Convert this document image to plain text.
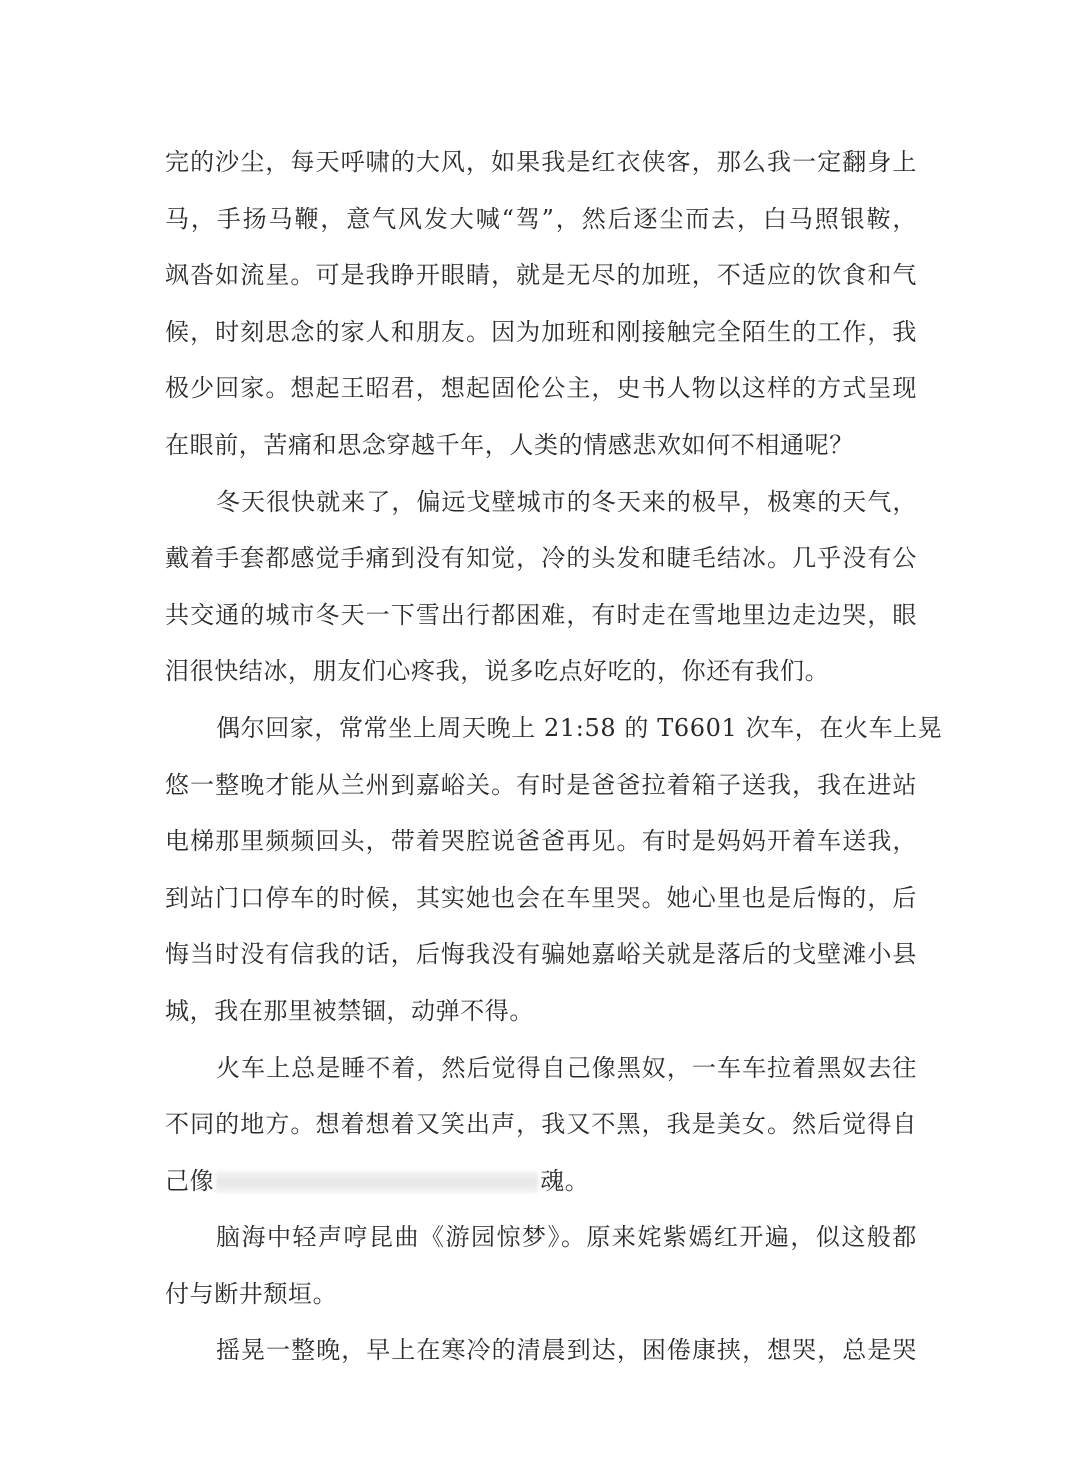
完的沙尘，每天呼啸的大风，如果我是红衣侠客，那么我一定翻身上
马，手扬马鞭，意气风发大喊“驾”，然后逐尘而去，白马照银鞍，
飒沓如流星。可是我睁开眼睛，就是无尽的加班，不适应的饮食和气
候，时刻思念的家人和朋友。因为加班和刚接触完全陌生的工作，我
极少回家。想起王昭君，想起固伦公主，史书人物以这样的方式呈现
在眼前，苦痛和思念穿越千年，人类的情感悲欢如何不相通呢？
冬天很快就来了，偏远戈壁城市的冬天来的极早，极寒的天气，
戴着手套都感觉手痛到没有知觉，冷的头发和睫毛结冰。几乎没有公
共交通的城市冬天一下雪出行都困难，有时走在雪地里边走边哭，眼
泪很快结冰，朋友们心疼我，说多吃点好吃的，你还有我们。
偶尔回家，常常坐上周天晚上 21:58 的 T6601 次车，在火车上晃
悠一整晚才能从兰州到嘉峪关。有时是爸爸拉着箱子送我，我在进站
电梯那里频频回头，带着哭腔说爸爸再见。有时是妈妈开着车送我，
到站门口停车的时候，其实她也会在车里哭。她心里也是后悔的，后
悔当时没有信我的话，后悔我没有骗她嘉峪关就是落后的戈壁滩小县
城，我在那里被禁锢，动弹不得。
火车上总是睡不着，然后觉得自己像黑奴，一车车拉着黑奴去往
不同的地方。想着想着又笑出声，我又不黑，我是美女。然后觉得自
己像	魂。
脑海中轻声哼昆曲《游园惊梦》。原来姹紫嫣红开遍，似这般都
付与断井颓垣。
摇晃一整晚，早上在寒冷的清晨到达，困倦康挟，想哭，总是哭
